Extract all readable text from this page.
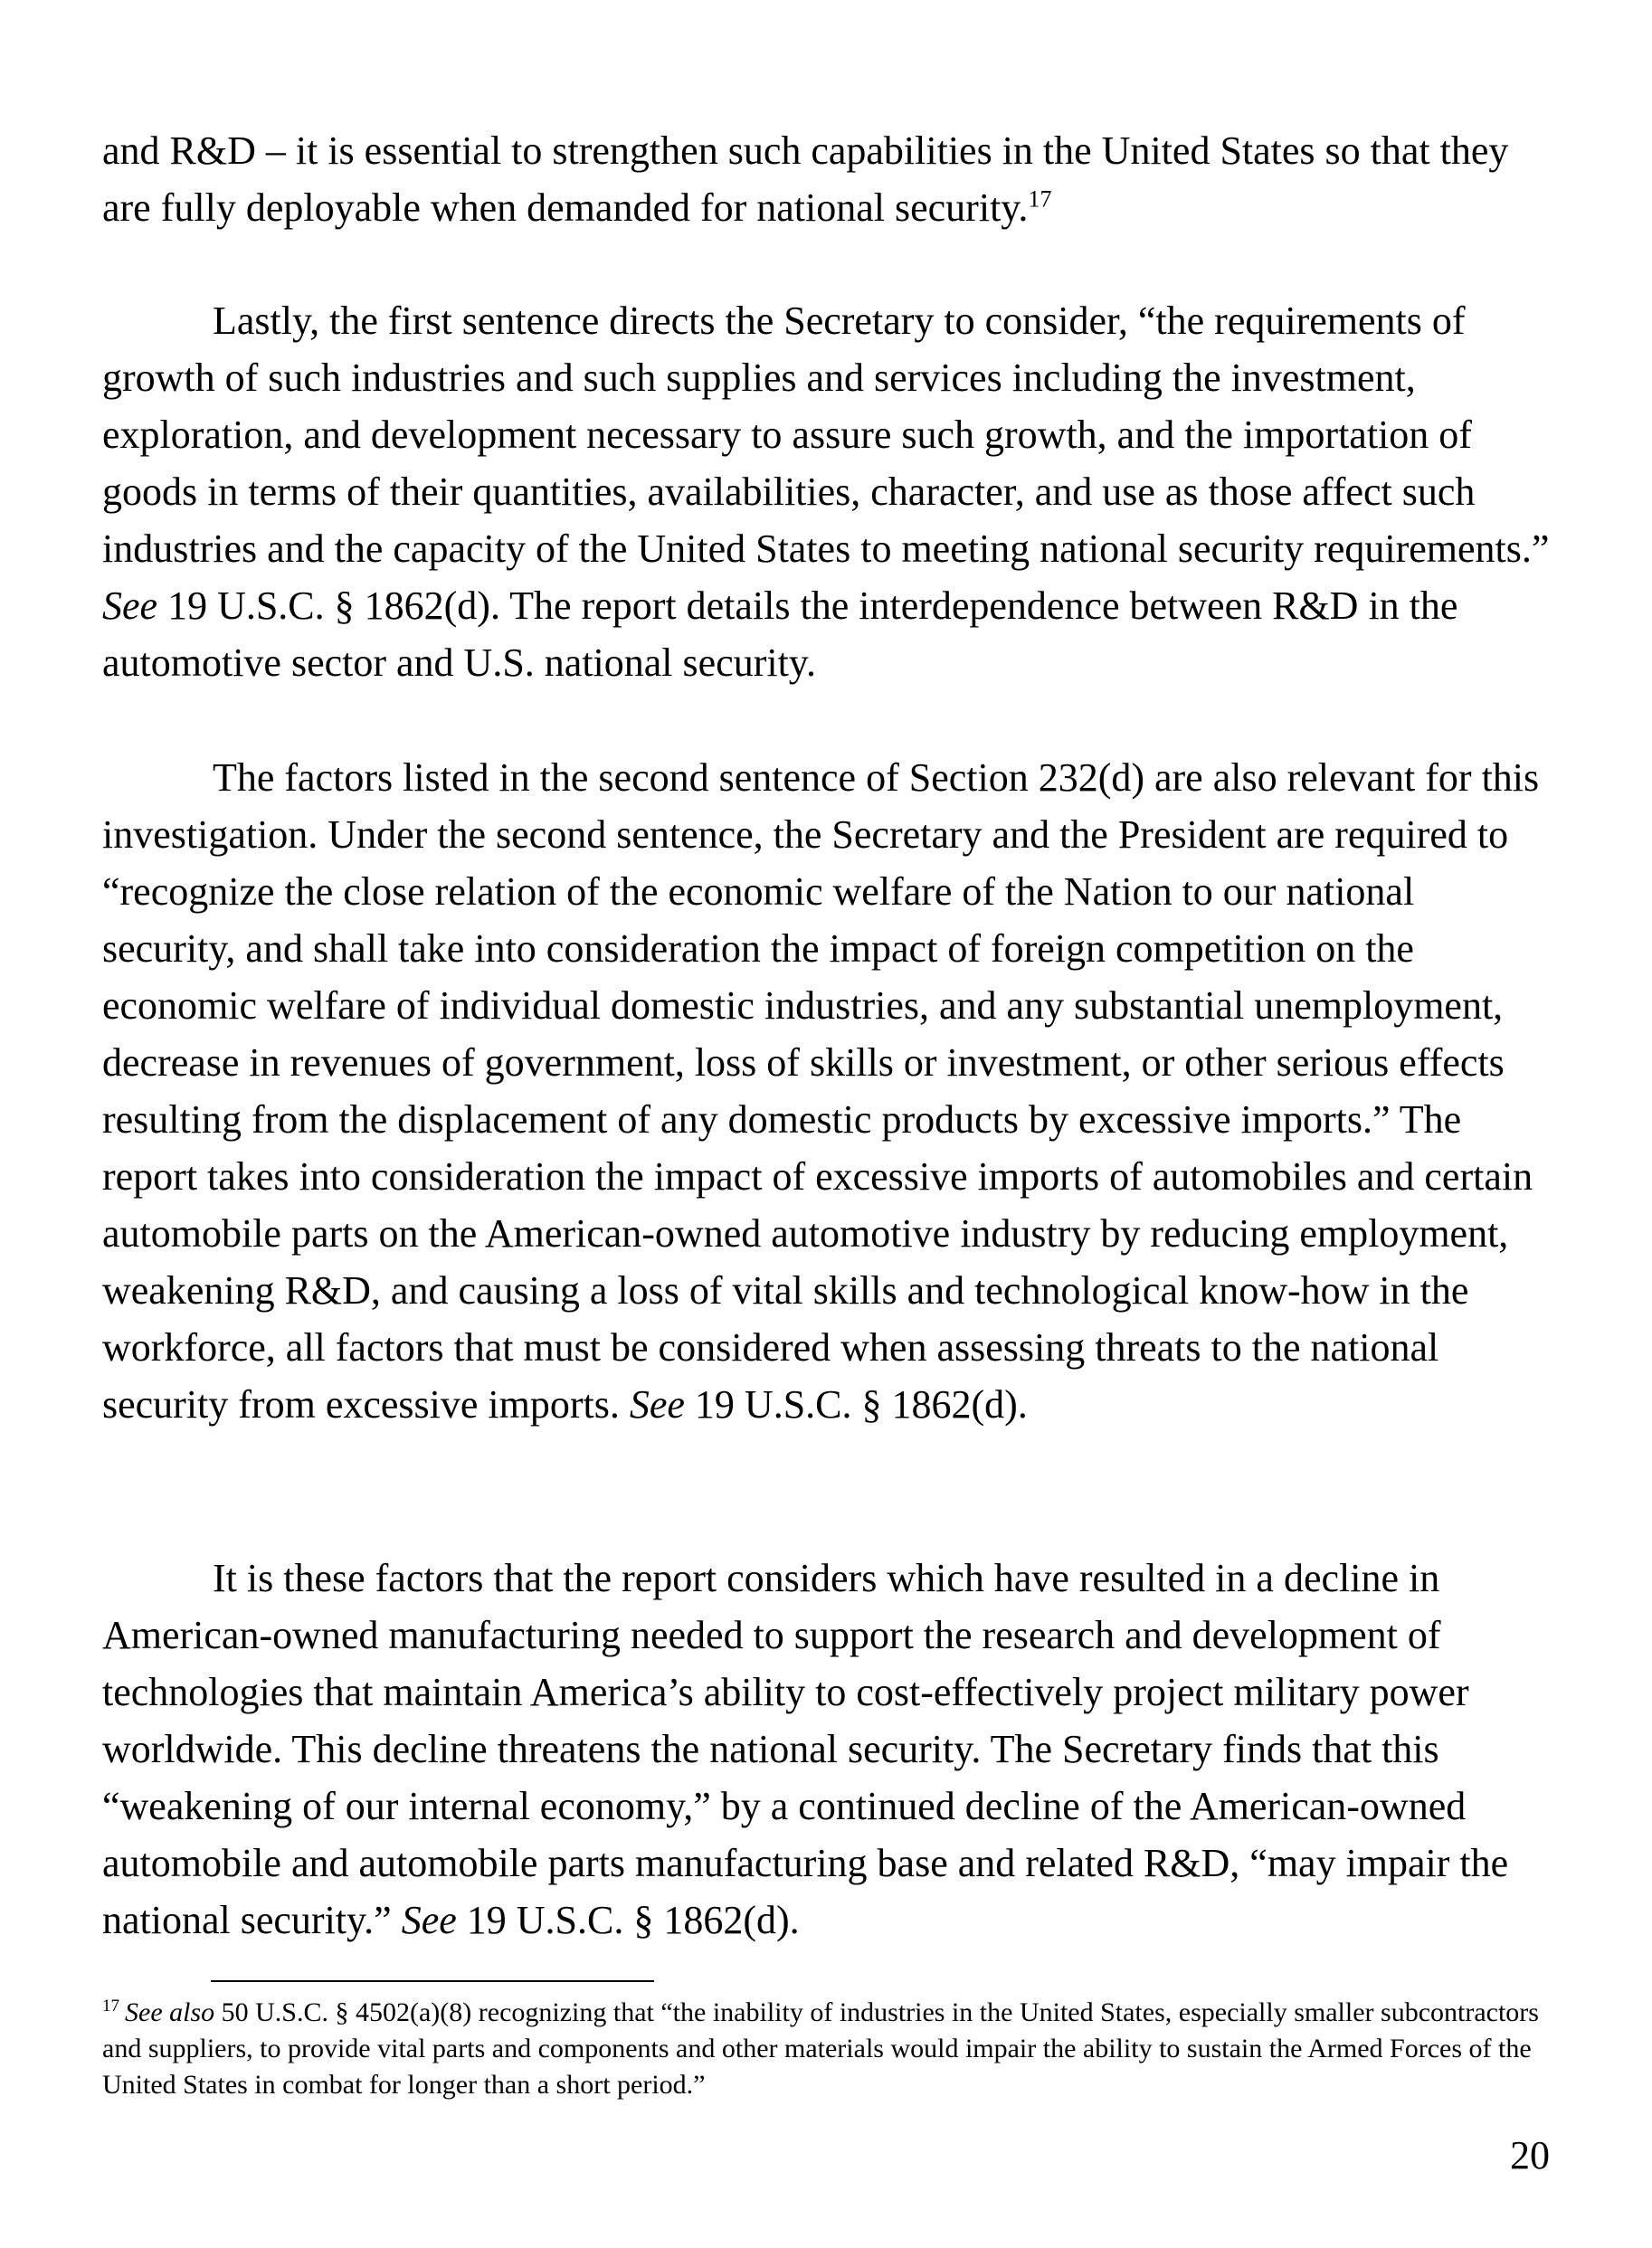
and R&D – it is essential to strengthen such capabilities in the United States so that they are fully deployable when demanded for national security.$^{17}$

Lastly, the first sentence directs the Secretary to consider, “the requirements of growth of such industries and such supplies and services including the investment, exploration, and development necessary to assure such growth, and the importation of goods in terms of their quantities, availabilities, character, and use as those affect such industries and the capacity of the United States to meeting national security requirements.” See 19 U.S.C. § 1862(d). The report details the interdependence between R&D in the automotive sector and U.S. national security.

The factors listed in the second sentence of Section 232(d) are also relevant for this investigation. Under the second sentence, the Secretary and the President are required to “recognize the close relation of the economic welfare of the Nation to our national security, and shall take into consideration the impact of foreign competition on the economic welfare of individual domestic industries, and any substantial unemployment, decrease in revenues of government, loss of skills or investment, or other serious effects resulting from the displacement of any domestic products by excessive imports.” The report takes into consideration the impact of excessive imports of automobiles and certain automobile parts on the American-owned automotive industry by reducing employment, weakening R&D, and causing a loss of vital skills and technological know-how in the workforce, all factors that must be considered when assessing threats to the national security from excessive imports. See 19 U.S.C. § 1862(d).

It is these factors that the report considers which have resulted in a decline in American-owned manufacturing needed to support the research and development of technologies that maintain America’s ability to cost-effectively project military power worldwide. This decline threatens the national security. The Secretary finds that this “weakening of our internal economy,” by a continued decline of the American-owned automobile and automobile parts manufacturing base and related R&D, “may impair the national security.” See 19 U.S.C. § 1862(d).

$^{17}$ See also 50 U.S.C. § 4502(a)(8) recognizing that “the inability of industries in the United States, especially smaller subcontractors and suppliers, to provide vital parts and components and other materials would impair the ability to sustain the Armed Forces of the United States in combat for longer than a short period.”

20
